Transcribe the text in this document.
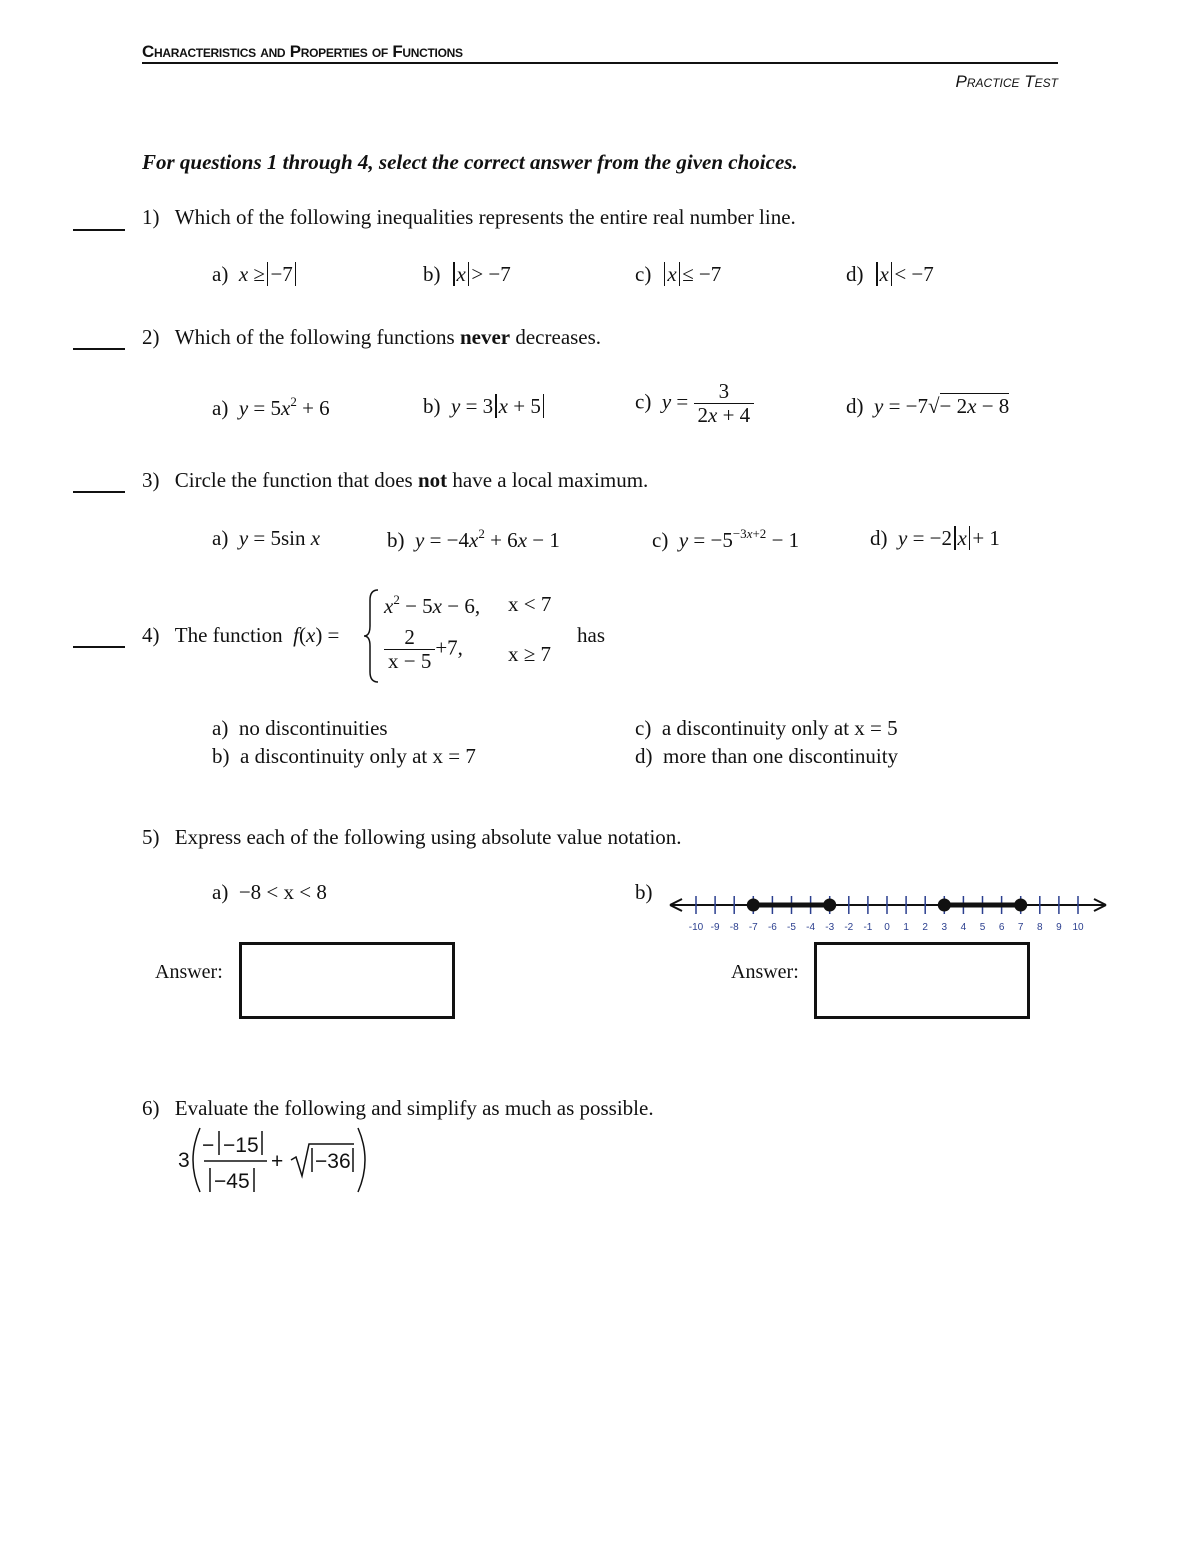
Characteristics and Properties of Functions
Practice Test
For questions 1 through 4, select the correct answer from the given choices.
1) Which of the following inequalities represents the entire real number line.
a) x ≥ −7	b) x > −7	c) x ≤ −7	d) x < −7
2) Which of the following functions never decreases.
a) $y = 5x^2 + 6$	b) y = 3 x + 5	c) $y = \frac{3}{2x + 4}$	d) y = −7√− 2x − 8
3) Circle the function that does not have a local maximum.
a) y = 5sin x	b) $y = -4x^2 + 6x - 1$	c) $y = -5^{-3x+2} - 1$	d) y = −2 x + 1
4) The function f(x) =
$x^2 - 5x - 6$, x < 7
$\frac{2}{x - 5} +7$, x ≥ 7
has
a) no discontinuities
b) a discontinuity only at x = 7
c) a discontinuity only at x = 5
d) more than one discontinuity
5) Express each of the following using absolute value notation.
a) −8 < x < 8	b)
-10 -9 -8 -7 -6 -5 -4 -3 -2 -1 0 1 2 3 4 5 6 7 8 9 10
Answer:	Answer:
6) Evaluate the following and simplify as much as possible.
3
− −15
−45
+ −36
